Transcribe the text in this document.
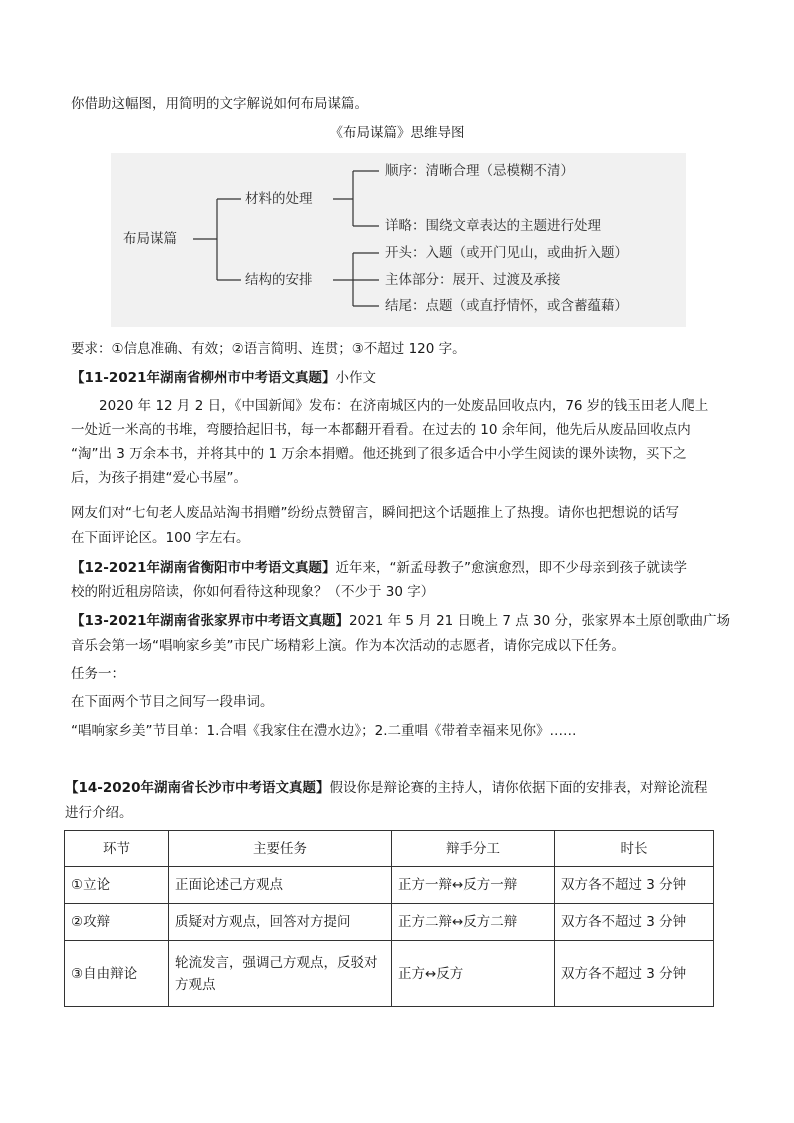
你借助这幅图，用简明的文字解说如何布局谋篇。
《布局谋篇》思维导图
布局谋篇
材料的处理
结构的安排
顺序：清晰合理（忌模糊不清）
详略：围绕文章表达的主题进行处理
开头：入题（或开门见山，或曲折入题）
主体部分：展开、过渡及承接
结尾：点题（或直抒情怀，或含蓄蕴藉）
要求：①信息准确、有效；②语言简明、连贯；③不超过 120 字。
【11-2021年湖南省柳州市中考语文真题】小作文
2020 年 12 月 2 日，《中国新闻》发布：在济南城区内的一处废品回收点内，76 岁的钱玉田老人爬上
一处近一米高的书堆，弯腰拾起旧书，每一本都翻开看看。在过去的 10 余年间，他先后从废品回收点内
“淘”出 3 万余本书，并将其中的 1 万余本捐赠。他还挑到了很多适合中小学生阅读的课外读物，买下之
后，为孩子捐建“爱心书屋”。
网友们对“七旬老人废品站淘书捐赠”纷纷点赞留言，瞬间把这个话题推上了热搜。请你也把想说的话写
在下面评论区。100 字左右。
【12-2021年湖南省衡阳市中考语文真题】近年来，“新孟母教子”愈演愈烈，即不少母亲到孩子就读学
校的附近租房陪读，你如何看待这种现象？（不少于 30 字）
【13-2021年湖南省张家界市中考语文真题】2021 年 5 月 21 日晚上 7 点 30 分，张家界本土原创歌曲广场
音乐会第一场“唱响家乡美”市民广场精彩上演。作为本次活动的志愿者，请你完成以下任务。
任务一：
在下面两个节目之间写一段串词。
“唱响家乡美”节目单：1.合唱《我家住在澧水边》；2.二重唱《带着幸福来见你》……
【14-2020年湖南省长沙市中考语文真题】假设你是辩论赛的主持人，请你依据下面的安排表，对辩论流程
进行介绍。
环节	主要任务	辩手分工	时长
①立论	正面论述己方观点	正方一辩↔反方一辩	双方各不超过 3 分钟
②攻辩	质疑对方观点，回答对方提问	正方二辩↔反方二辩	双方各不超过 3 分钟
③自由辩论	轮流发言，强调己方观点，反驳对方观点	正方↔反方	双方各不超过 3 分钟
